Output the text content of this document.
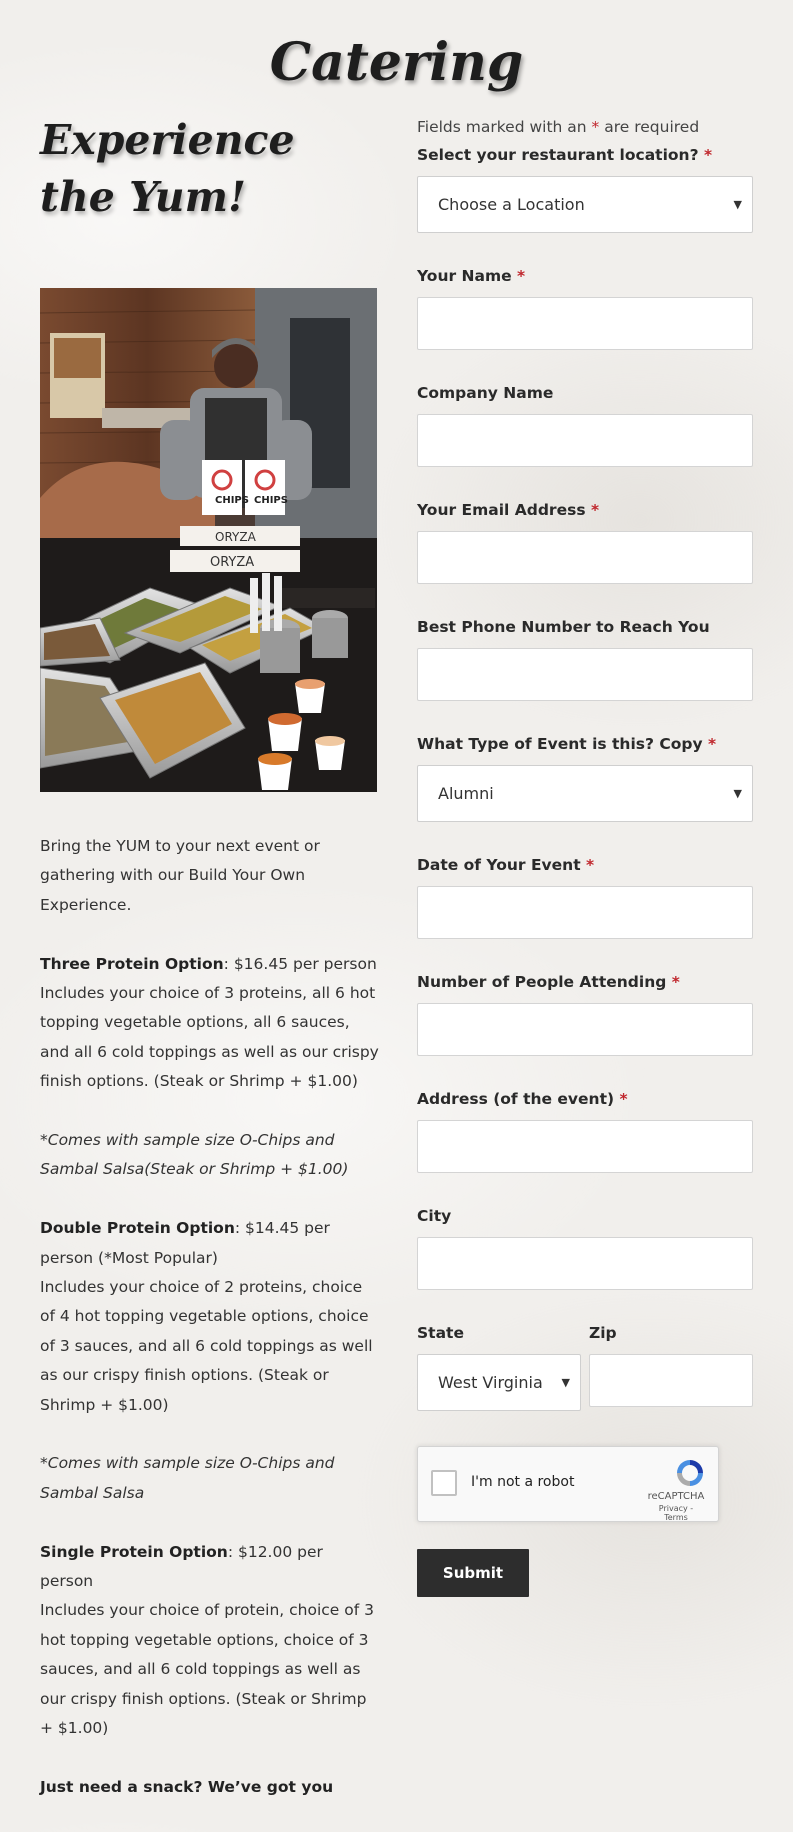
Catering
Experience the Yum!
CHIPS CHIPS
ORYZA
ORYZA

Bring the YUM to your next event or gathering with our Build Your Own Experience.

Three Protein Option: $16.45 per person
Includes your choice of 3 proteins, all 6 hot topping vegetable options, all 6 sauces, and all 6 cold toppings as well as our crispy finish options. (Steak or Shrimp + $1.00)

*Comes with sample size O-Chips and Sambal Salsa(Steak or Shrimp + $1.00)

Double Protein Option: $14.45 per person (*Most Popular)
Includes your choice of 2 proteins, choice of 4 hot topping vegetable options, choice of 3 sauces, and all 6 cold toppings as well as our crispy finish options. (Steak or Shrimp + $1.00)

*Comes with sample size O-Chips and Sambal Salsa

Single Protein Option: $12.00 per person
Includes your choice of protein, choice of 3 hot topping vegetable options, choice of 3 sauces, and all 6 cold toppings as well as our crispy finish options. (Steak or Shrimp + $1.00)

Just need a snack? We’ve got you

Fields marked with an * are required
Select your restaurant location? *
Choose a Location	▼
Your Name *
Company Name
Your Email Address *
Best Phone Number to Reach You
What Type of Event is this? Copy *
Alumni	▼
Date of Your Event *
Number of People Attending *
Address (of the event) *
City
State
West Virginia ▼
Zip
I'm not a robot
reCAPTCHA
Privacy - Terms
Submit
